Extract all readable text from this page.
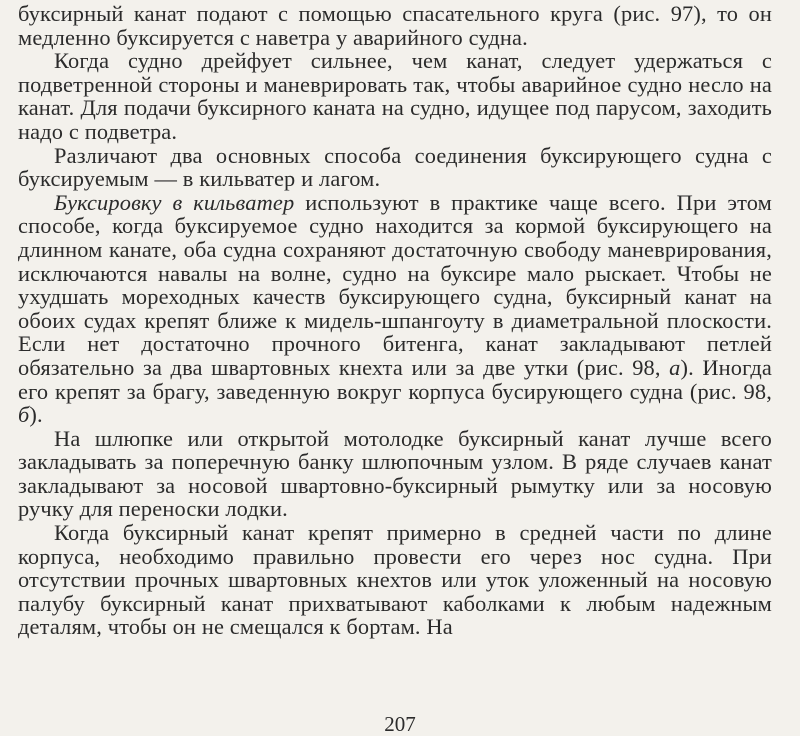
буксирный канат подают с помощью спасательного круга (рис. 97), то он медленно буксируется с наветра у аварийного судна.

Когда судно дрейфует сильнее, чем канат, следует удержаться с подветренной стороны и маневрировать так, чтобы аварийное судно несло на канат. Для подачи буксирного каната на судно, идущее под парусом, заходить надо с подветра.

Различают два основных способа соединения буксирующего судна с буксируемым — в кильватер и лагом.

Буксировку в кильватер используют в практике чаще всего. При этом способе, когда буксируемое судно находится за кормой буксирующего на длинном канате, оба судна сохраняют достаточную свободу маневрирования, исключаются навалы на волне, судно на буксире мало рыскает. Чтобы не ухудшать мореходных качеств буксирующего судна, буксирный канат на обоих судах крепят ближе к мидель-шпангоуту в диаметральной плоскости. Если нет достаточно прочного битенга, канат закладывают петлей обязательно за два швартовных кнехта или за две утки (рис. 98, а). Иногда его крепят за брагу, заведенную вокруг корпуса бусирующего судна (рис. 98, б).

На шлюпке или открытой мотолодке буксирный канат лучше всего закладывать за поперечную банку шлюпочным узлом. В ряде случаев канат закладывают за носовой швартовно-буксирный рымутку или за носовую ручку для переноски лодки.

Когда буксирный канат крепят примерно в средней части по длине корпуса, необходимо правильно провести его через нос судна. При отсутствии прочных швартовных кнехтов или уток уложенный на носовую палубу буксирный канат прихватывают каболками к любым надежным деталям, чтобы он не смещался к бортам. На

207
